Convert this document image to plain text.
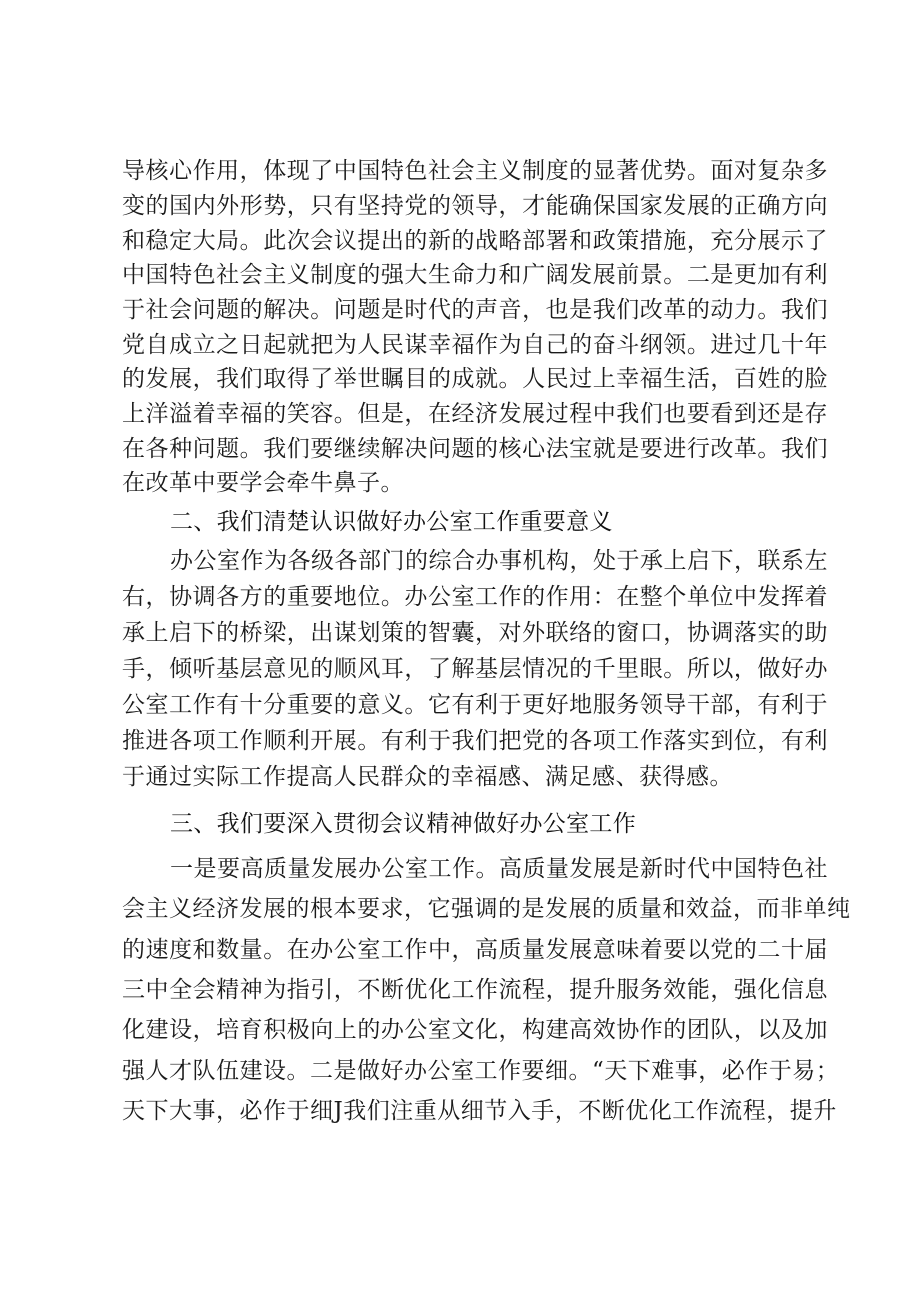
导核心作用，体现了中国特色社会主义制度的显著优势。面对复杂多
变的国内外形势，只有坚持党的领导，才能确保国家发展的正确方向
和稳定大局。此次会议提出的新的战略部署和政策措施，充分展示了
中国特色社会主义制度的强大生命力和广阔发展前景。二是更加有利
于社会问题的解决。问题是时代的声音，也是我们改革的动力。我们
党自成立之日起就把为人民谋幸福作为自己的奋斗纲领。进过几十年
的发展，我们取得了举世瞩目的成就。人民过上幸福生活，百姓的脸
上洋溢着幸福的笑容。但是，在经济发展过程中我们也要看到还是存
在各种问题。我们要继续解决问题的核心法宝就是要进行改革。我们
在改革中要学会牵牛鼻子。
二、我们清楚认识做好办公室工作重要意义
办公室作为各级各部门的综合办事机构，处于承上启下，联系左
右，协调各方的重要地位。办公室工作的作用：在整个单位中发挥着
承上启下的桥梁，出谋划策的智囊，对外联络的窗口，协调落实的助
手，倾听基层意见的顺风耳，了解基层情况的千里眼。所以，做好办
公室工作有十分重要的意义。它有利于更好地服务领导干部，有利于
推进各项工作顺利开展。有利于我们把党的各项工作落实到位，有利
于通过实际工作提高人民群众的幸福感、满足感、获得感。
三、我们要深入贯彻会议精神做好办公室工作
一是要高质量发展办公室工作。高质量发展是新时代中国特色社
会主义经济发展的根本要求，它强调的是发展的质量和效益，而非单纯
的速度和数量。在办公室工作中，高质量发展意味着要以党的二十届
三中全会精神为指引，不断优化工作流程，提升服务效能，强化信息
化建设，培育积极向上的办公室文化，构建高效协作的团队，以及加
强人才队伍建设。二是做好办公室工作要细。“天下难事，必作于易；
天下大事，必作于细J我们注重从细节入手，不断优化工作流程，提升
